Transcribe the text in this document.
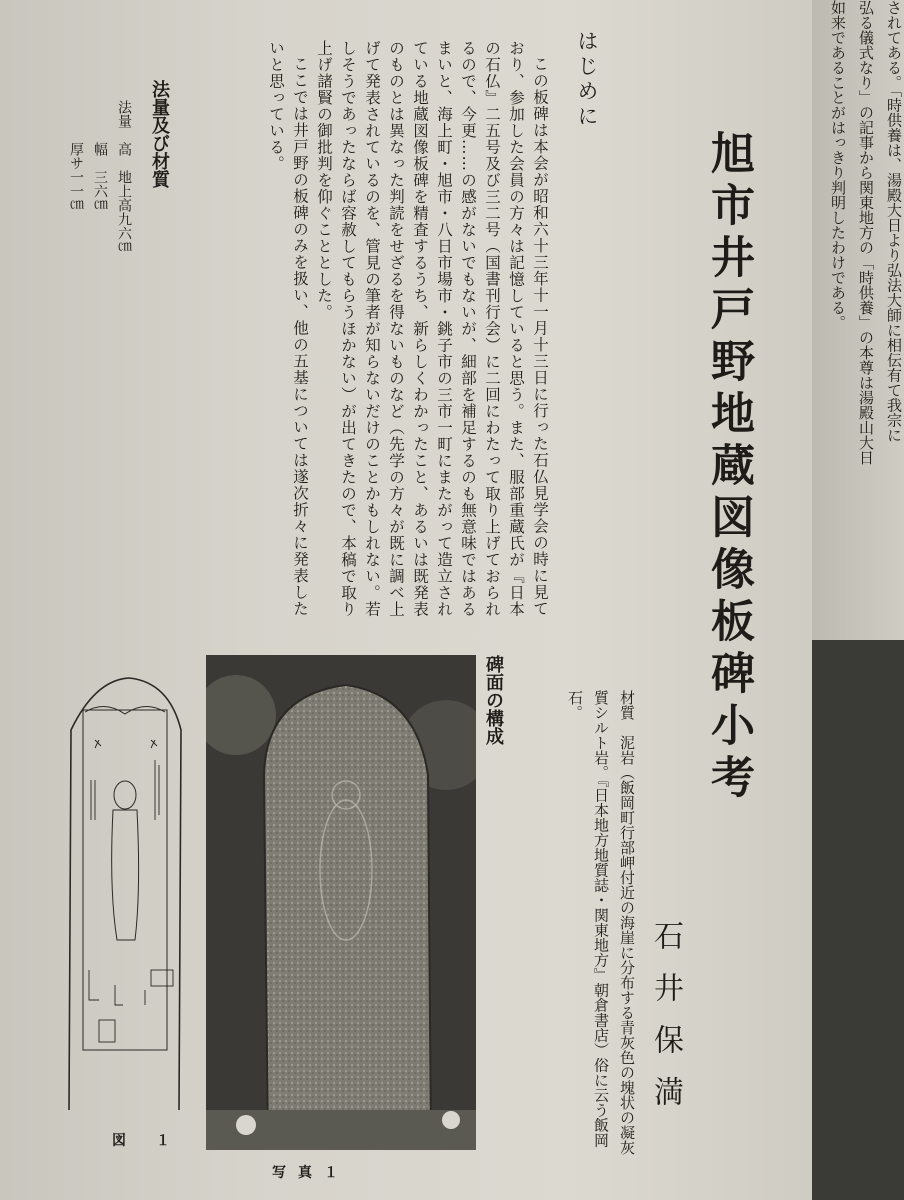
旭市井戸野地蔵図像板碑小考
石井保満
はじめに

この板碑は本会が昭和六十三年十一月十三日に行った石仏見学会の時に見ており、参加した会員の方々は記憶していると思う。また、服部重蔵氏が『日本の石仏』二五号及び三二号（国書刊行会）に二回にわたって取り上げておられるので、今更……の感がないでもないが、細部を補足するのも無意味ではあるまいと、海上町・旭市・八日市場市・銚子市の三市一町にまたがって造立されている地蔵図像板碑を精査するうち、新らしくわかったこと、あるいは既発表のものとは異なった判読をせざるを得ないものなど（先学の方々が既に調べ上げて発表されているのを、管見の筆者が知らないだけのことかもしれない。若しそうであったならば容赦してもらうほかない）が出てきたので、本稿で取り上げ諸賢の御批判を仰ぐこととした。

ここでは井戸野の板碑のみを扱い、他の五基については遂次折々に発表したいと思っている。

法量及び材質

法量　高　地上高九六㎝

　　　幅　三六㎝

　　　厚サ一一㎝

碑面の構成	材質　泥岩（飯岡町行部岬付近の海崖に分布する青灰色の塊状の凝灰質シルト岩。『日本地方地質誌・関東地方』朝倉書店）俗に云う飯岡石。

写真１
図１

されてある。「時供養は、湯殿大日より弘法大師に相伝有て我宗に

弘る儀式なり」の記事から関東地方の「時供養」の本尊は湯殿山大日

如来であることがはっきり判明したわけである。
